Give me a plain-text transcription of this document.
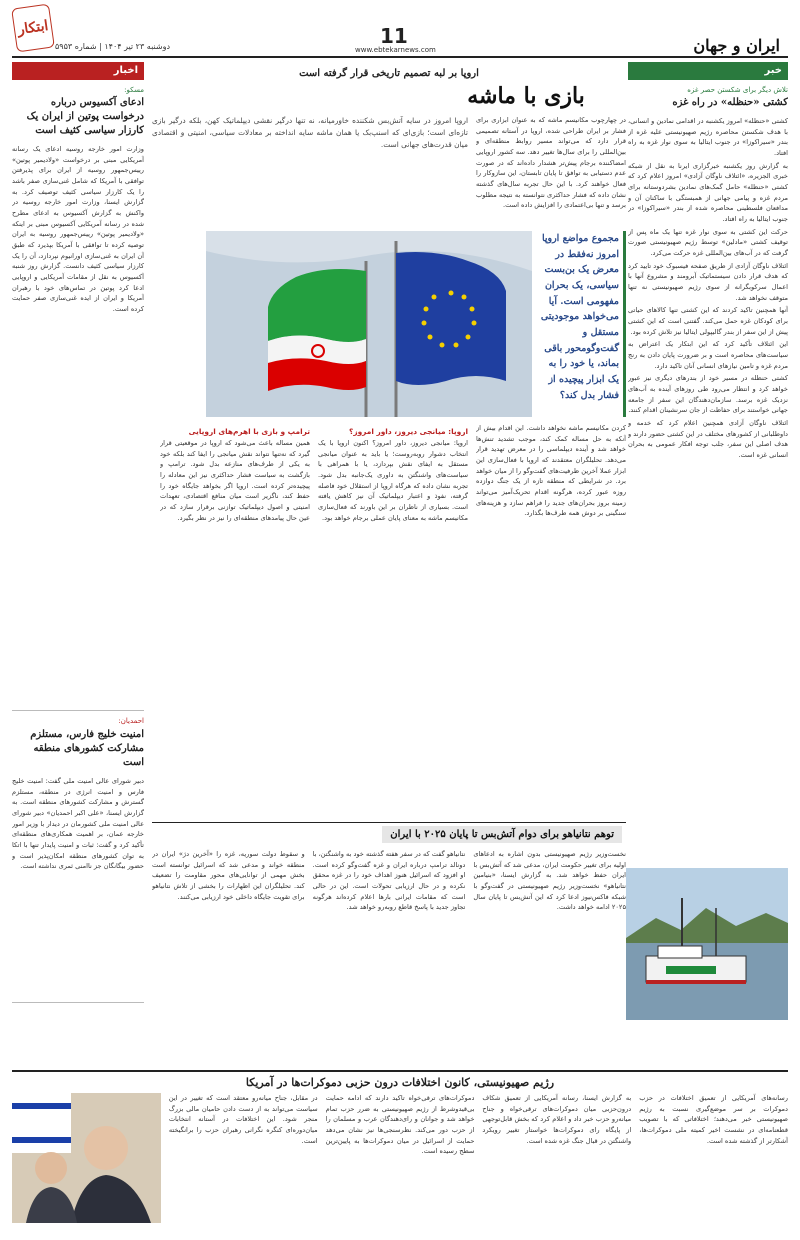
ایران و جهان
11
www.ebtekarnews.com
دوشنبه ۲۳ تیر ۱۴۰۴ | شماره ۵۹۵۳
ابتکار
خبر
تلاش دیگر برای شکستن حصر غزه
کشتی «حنظله» در راه غزه

کشتی «حنظله» امروز یکشنبه در اقدامی نمادین و انسانی، با هدف شکستن محاصره رژیم صهیونیستی علیه غزه از بندر «سیراکوزا» در جنوب ایتالیا به سوی نوار غزه به راه افتاد.

به گزارش روز یکشنبه خبرگزاری ایرنا به نقل از شبکه خبری الجزیره، «ائتلاف ناوگان آزادی» امروز اعلام کرد که کشتی «حنظله» حامل گمک‌های نمادین بشردوستانه برای مردم غزه و پیامی جهانی از همبستگی با ساکنان آن و مدافعان فلسطینی محاصره شده از بندر «سیراکوزا» در جنوب ایتالیا به راه افتاد.

حرکت این کشتی به سوی نوار غزه تنها یک ماه پس از توقیف کشتی «مادلین» توسط رژیم صهیونیستی صورت گرفت که در آب‌های بین‌المللی غزه حرکت می‌کرد.

ائتلاف ناوگان آزادی از طریق صفحه فیسبوک خود تایید کرد که هدف قرار دادن سیستماتیک آبرومند و مشروع آنها با اعمال سرکوبگرانه از سوی رژیم صهیونیستی نه تنها متوقف نخواهد شد.

آنها همچنین تاکید کردند که این کشتی تنها کالاهای حیاتی برای کودکان غزه حمل می‌کند. گفتنی است که این کشتی پیش از این سفر از بندر گالیپولی ایتالیا نیز تلاش کرده بود.

این ائتلاف تأکید کرد که این ابتکار یک اعتراض به سیاست‌های محاصره است و بر ضرورت پایان دادن به رنج مردم غزه و تامین نیازهای انسانی آنان تاکید دارد.

کشتی حنظله در مسیر خود از بندرهای دیگری نیز عبور خواهد کرد و انتظار می‌رود طی روزهای آینده به آب‌های نزدیک غزه برسد. سازمان‌دهندگان این سفر از جامعه جهانی خواستند برای حفاظت از جان سرنشینان اقدام کنند.

ائتلاف ناوگان آزادی همچنین اعلام کرد که خدمه و داوطلبانی از کشورهای مختلف در این کشتی حضور دارند و هدف اصلی این سفر، جلب توجه افکار عمومی به بحران انسانی غزه است.

اخبار
مسکو:
ادعای آکسیوس درباره درخواست پوتین از ایران یک کارزار سیاسی کثیف است
وزارت امور خارجه روسیه ادعای یک رسانه آمریکایی مبنی بر درخواست «ولادیمیر پوتین» رییس‌جمهور روسیه از ایران برای پذیرفتن توافقی با آمریکا که شامل غنی‌سازی صفر باشد را یک کارزار سیاسی کثیف توصیف کرد. به گزارش ایسنا، وزارت امور خارجه روسیه در واکنش به گزارش آکسیوس به ادعای مطرح شده در رسانه آمریکایی آکسیوس مبنی بر اینکه «ولادیمیر پوتین» رییس‌جمهور روسیه به ایران توصیه کرده تا توافقی با آمریکا بپذیرد که طبق آن ایران به غنی‌سازی اورانیوم نپردازد، آن را یک کارزار سیاسی کثیف دانست. گزارش روز شنبه آکسیوس به نقل از مقامات آمریکایی و اروپایی ادعا کرد پوتین در تماس‌های خود با رهبران آمریکا و ایران از ایده غنی‌سازی صفر حمایت کرده است.
احمدیان:
امنیت خلیج فارس، مستلزم مشارکت کشورهای منطقه است
دبیر شورای عالی امنیت ملی گفت: امنیت خلیج فارس و امنیت انرژی در منطقه، مستلزم گسترش و مشارکت کشورهای منطقه است. به گزارش ایسنا، «علی اکبر احمدیان» دبیر شورای عالی امنیت ملی کشورمان در دیدار با وزیر امور خارجه عمان، بر اهمیت همکاری‌های منطقه‌ای تأکید کرد و گفت: ثبات و امنیت پایدار تنها با اتکا به توان کشورهای منطقه امکان‌پذیر است و حضور بیگانگان جز ناامنی ثمری نداشته است.
اروپا بر لبه تصمیم تاریخی قرار گرفته است
بازی با ماشه
در چهارچوب مکانیسم ماشه که به عنوان ابزاری برای فشار بر ایران طراحی شده، اروپا در آستانه تصمیمی قرار دارد که می‌تواند مسیر روابط منطقه‌ای و بین‌المللی را برای سال‌ها تغییر دهد. سه کشور اروپایی امضاکننده برجام پیش‌تر هشدار داده‌اند که در صورت عدم دستیابی به توافق تا پایان تابستان، این سازوکار را فعال خواهند کرد. با این حال تجربه سال‌های گذشته نشان داده که فشار حداکثری نتوانسته به نتیجه مطلوب برسد و تنها بی‌اعتمادی را افزایش داده است.
اروپا امروز در سایه آتش‌بس شکننده خاورمیانه، نه تنها درگیر نقشی دیپلماتیک کهن، بلکه درگیر بازی تازه‌ای است؛ بازی‌ای که اسنپ‌بک یا همان ماشه سایه انداخته بر معادلات سیاسی، امنیتی و اقتصادی میان قدرت‌های جهانی است.
مجموع مواضع اروپا امروز نه‌فقط در معرض یک بن‌بست سیاسی، یک بحران مفهومی است. آیا می‌خواهد موجودیتی مستقل و گفت‌وگومحور باقی بماند، یا خود را به یک ابزار پیچیده از فشار بدل کند؟
کردن مکانیسم ماشه نخواهد داشت. این اقدام بیش از آنکه به حل مساله کمک کند، موجب تشدید تنش‌ها خواهد شد و آینده دیپلماسی را در معرض تهدید قرار می‌دهد. تحلیلگران معتقدند که اروپا با فعال‌سازی این ابزار عملا آخرین ظرفیت‌های گفت‌وگو را از میان خواهد برد. در شرایطی که منطقه تازه از یک جنگ دوازده روزه عبور کرده، هرگونه اقدام تحریک‌آمیز می‌تواند زمینه بروز بحران‌های جدید را فراهم سازد و هزینه‌های سنگینی بر دوش همه طرف‌ها بگذارد.
اروپا: میانجی دیروز، داور امروز؟
اروپا: میانجی دیروز، داور امروز؟ اکنون اروپا با یک انتخاب دشوار روبه‌روست؛ یا باید به عنوان میانجی مستقل به ایفای نقش بپردازد، یا با همراهی با سیاست‌های واشنگتن به داوری یک‌جانبه بدل شود. تجربه نشان داده که هرگاه اروپا از استقلال خود فاصله گرفته، نفوذ و اعتبار دیپلماتیک آن نیز کاهش یافته است. بسیاری از ناظران بر این باورند که فعال‌سازی مکانیسم ماشه به معنای پایان عملی برجام خواهد بود.
ترامپ و بازی با اهرم‌های اروپایی
همین مساله باعث می‌شود که اروپا در موقعیتی قرار گیرد که نه‌تنها نتواند نقش میانجی را ایفا کند بلکه خود به یکی از طرف‌های منازعه بدل شود. ترامپ و بازگشت به سیاست فشار حداکثری نیز این معادله را پیچیده‌تر کرده است. اروپا اگر بخواهد جایگاه خود را حفظ کند، ناگزیر است میان منافع اقتصادی، تعهدات امنیتی و اصول دیپلماتیک توازنی برقرار سازد که در عین حال پیامدهای منطقه‌ای را نیز در نظر بگیرد.
توهم نتانیاهو برای دوام آتش‌بس تا پایان ۲۰۲۵ با ایران
نخست‌وزیر رژیم صهیونیستی بدون اشاره به ادعاهای اولیه برای تغییر حکومت ایران، مدعی شد که آتش‌بس با ایران حفظ خواهد شد. به گزارش ایسنا، «بنیامین نتانیاهو» نخست‌وزیر رژیم صهیونیستی در گفت‌وگو با شبکه فاکس‌نیوز ادعا کرد که این آتش‌بس تا پایان سال ۲۰۲۵ ادامه خواهد داشت.
نتانیاهو گفت که در سفر هفته گذشته خود به واشنگتن، با دونالد ترامپ درباره ایران و غزه گفت‌وگو کرده است. او افزود که اسرائیل هنوز اهداف خود را در غزه محقق نکرده و در حال ارزیابی تحولات است. این در حالی است که مقامات ایرانی بارها اعلام کرده‌اند هرگونه تجاوز جدید با پاسخ قاطع روبه‌رو خواهد شد.
و سقوط دولت سوریه، غزه را «آخرین دژ» ایران در منطقه خواند و مدعی شد که اسرائیل توانسته است بخش مهمی از توانایی‌های محور مقاومت را تضعیف کند. تحلیلگران این اظهارات را بخشی از تلاش نتانیاهو برای تقویت جایگاه داخلی خود ارزیابی می‌کنند.
رژیم صهیونیستی، کانون اختلافات درون حزبی دموکرات‌ها در آمریکا
رسانه‌های آمریکایی از تعمیق اختلافات در حزب دموکرات بر سر موضع‌گیری نسبت به رژیم صهیونیستی خبر می‌دهند؛ اختلافاتی که با تصویب قطعنامه‌ای در نشست اخیر کمیته ملی دموکرات‌ها، آشکارتر از گذشته شده است.
به گزارش ایسنا، رسانه آمریکایی از تعمیق شکاف درون‌حزبی میان دموکرات‌های ترقی‌خواه و جناح میانه‌رو حزب خبر داد و اعلام کرد که بخش قابل‌توجهی از پایگاه رای دموکرات‌ها خواستار تغییر رویکرد واشنگتن در قبال جنگ غزه شده است.
دموکرات‌های ترقی‌خواه تاکید دارند که ادامه حمایت بی‌قیدوشرط از رژیم صهیونیستی به ضرر حزب تمام خواهد شد و جوانان و رای‌دهندگان عرب و مسلمان را از حزب دور می‌کند. نظرسنجی‌ها نیز نشان می‌دهد حمایت از اسرائیل در میان دموکرات‌ها به پایین‌ترین سطح رسیده است.
در مقابل، جناح میانه‌رو معتقد است که تغییر در این سیاست می‌تواند به از دست دادن حامیان مالی بزرگ منجر شود. این اختلافات در آستانه انتخابات میان‌دوره‌ای کنگره نگرانی رهبران حزب را برانگیخته است.
